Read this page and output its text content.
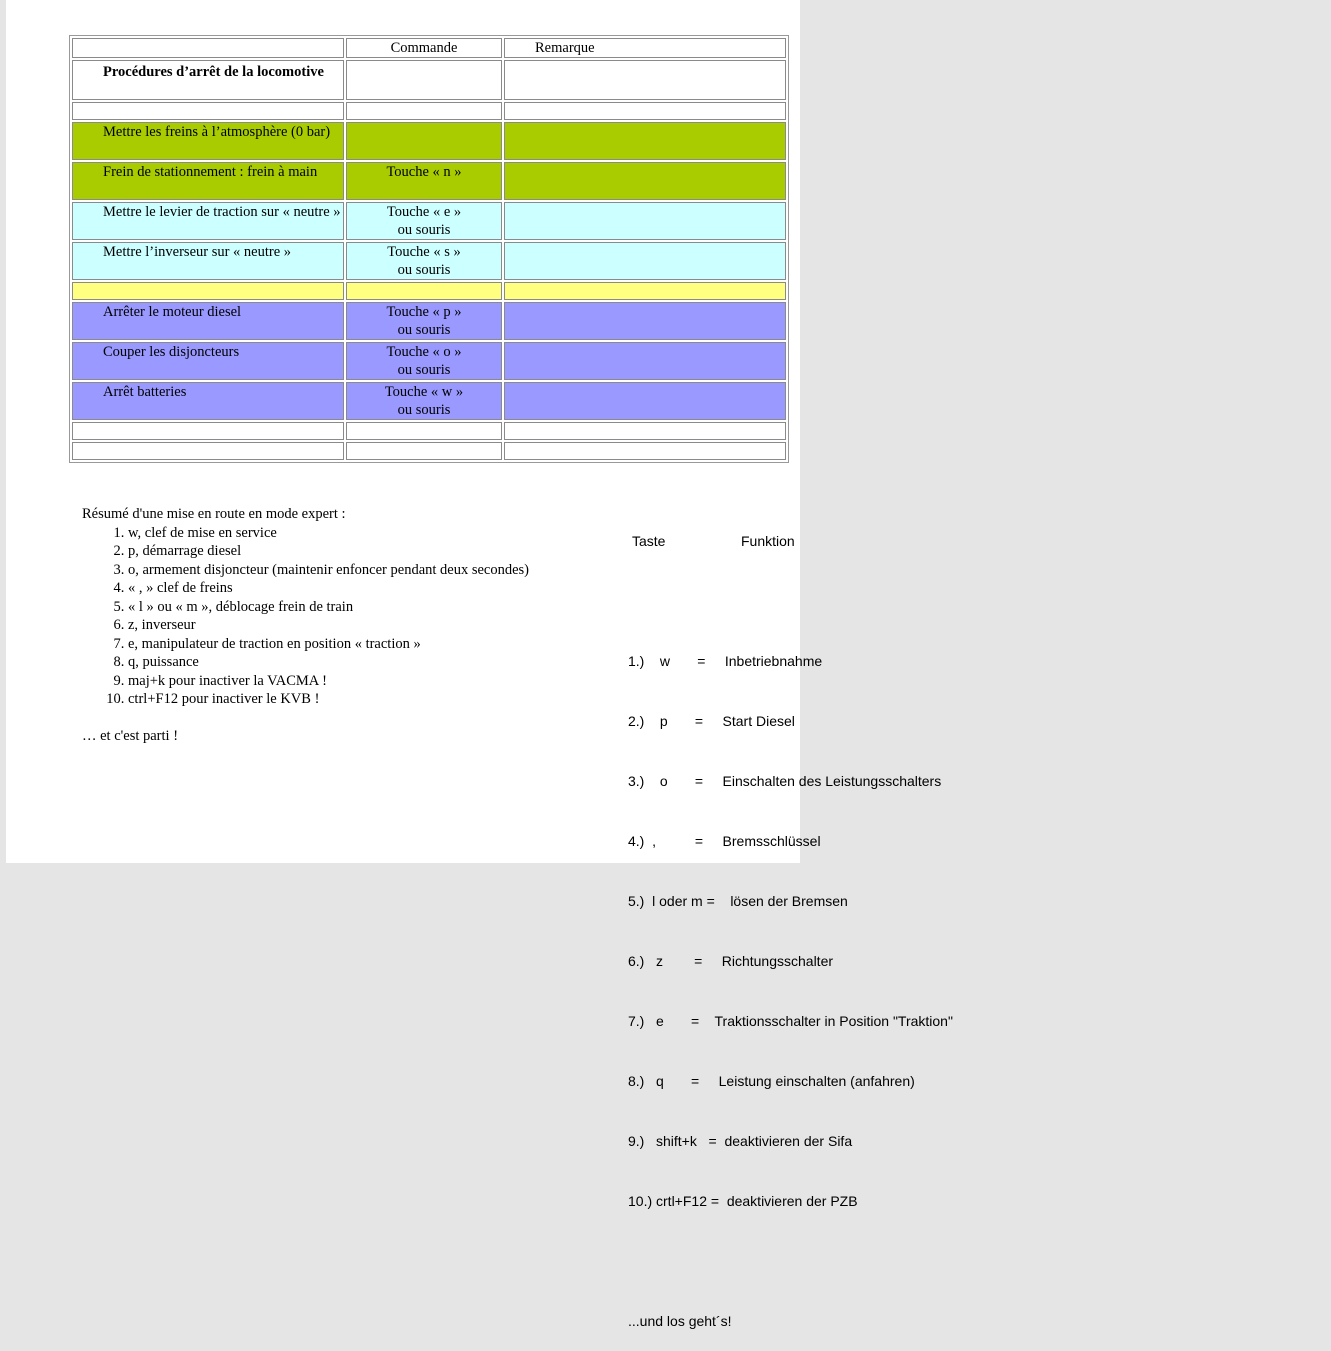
	Commande	Remarque
Procédures d’arrêt de la locomotive		

Mettre les freins à l’atmosphère (0 bar)	

Frein de stationnement : frein à main	Touche « n »	

Mettre le levier de traction sur « neutre »	Touche « e »
ou souris	

Mettre l’inverseur sur « neutre »	Touche « s »
ou souris	

Arrêter le moteur diesel	Touche « p »
ou souris	

Couper les disjoncteurs	Touche « o »
ou souris	

Arrêt batteries	Touche « w »
ou souris	

Résumé d'une mise en route en mode expert :
1. w, clef de mise en service
2. p, démarrage diesel
3. o, armement disjoncteur (maintenir enfoncer pendant deux secondes)
4. « , » clef de freins
5. « l » ou « m », déblocage frein de train
6. z, inverseur
7. e, manipulateur de traction en position « traction »
8. q, puissance
9. maj+k pour inactiver la VACMA !
10. ctrl+F12 pour inactiver le KVB !
… et c'est parti !

Taste	Funktion

1.)    w       =     Inbetriebnahme

2.)    p       =     Start Diesel

3.)    o       =     Einschalten des Leistungsschalters

4.)  ,          =     Bremsschlüssel

5.)  l oder m =    lösen der Bremsen

6.)   z        =     Richtungsschalter

7.)   e       =    Traktionsschalter in Position "Traktion"

8.)   q       =     Leistung einschalten (anfahren)

9.)   shift+k   =  deaktivieren der Sifa

10.) crtl+F12 =  deaktivieren der PZB

...und los geht´s!
